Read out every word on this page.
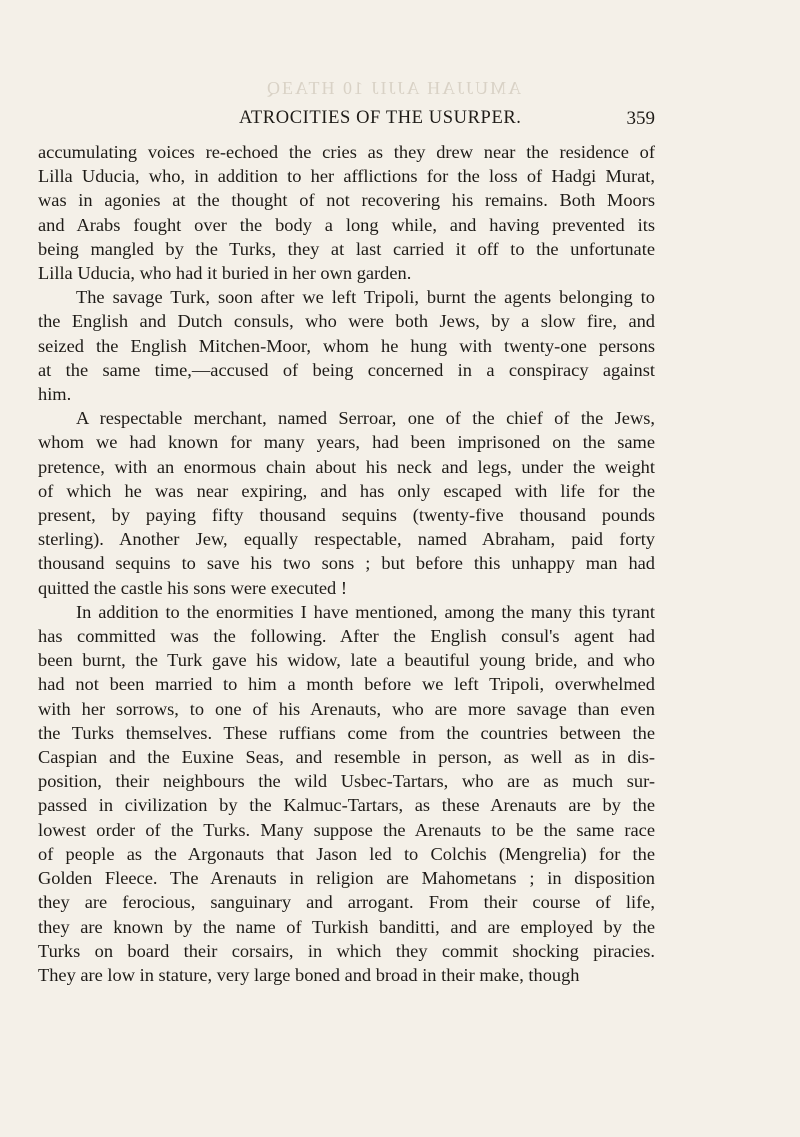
AMUJJAH AJJIJ 10 HTAƎQ
ATROCITIES OF THE USURPER.	359

accumulating voices re-echoed the cries as they drew near the residence of
Lilla Uducia, who, in addition to her afflictions for the loss of Hadgi Murat,
was in agonies at the thought of not recovering his remains. Both Moors
and Arabs fought over the body a long while, and having prevented its
being mangled by the Turks, they at last carried it off to the unfortunate
Lilla Uducia, who had it buried in her own garden.

The savage Turk, soon after we left Tripoli, burnt the agents belonging to
the English and Dutch consuls, who were both Jews, by a slow fire, and
seized the English Mitchen-Moor, whom he hung with twenty-one persons
at the same time,—accused of being concerned in a conspiracy against
him.

A respectable merchant, named Serroar, one of the chief of the Jews,
whom we had known for many years, had been imprisoned on the same
pretence, with an enormous chain about his neck and legs, under the weight
of which he was near expiring, and has only escaped with life for the
present, by paying fifty thousand sequins (twenty-five thousand pounds
sterling). Another Jew, equally respectable, named Abraham, paid forty
thousand sequins to save his two sons ; but before this unhappy man had
quitted the castle his sons were executed !

In addition to the enormities I have mentioned, among the many this tyrant
has committed was the following. After the English consul's agent had
been burnt, the Turk gave his widow, late a beautiful young bride, and who
had not been married to him a month before we left Tripoli, overwhelmed
with her sorrows, to one of his Arenauts, who are more savage than even
the Turks themselves. These ruffians come from the countries between the
Caspian and the Euxine Seas, and resemble in person, as well as in dis-
position, their neighbours the wild Usbec-Tartars, who are as much sur-
passed in civilization by the Kalmuc-Tartars, as these Arenauts are by the
lowest order of the Turks. Many suppose the Arenauts to be the same race
of people as the Argonauts that Jason led to Colchis (Mengrelia) for the
Golden Fleece. The Arenauts in religion are Mahometans ; in disposition
they are ferocious, sanguinary and arrogant. From their course of life,
they are known by the name of Turkish banditti, and are employed by the
Turks on board their corsairs, in which they commit shocking piracies.
They are low in stature, very large boned and broad in their make, though
